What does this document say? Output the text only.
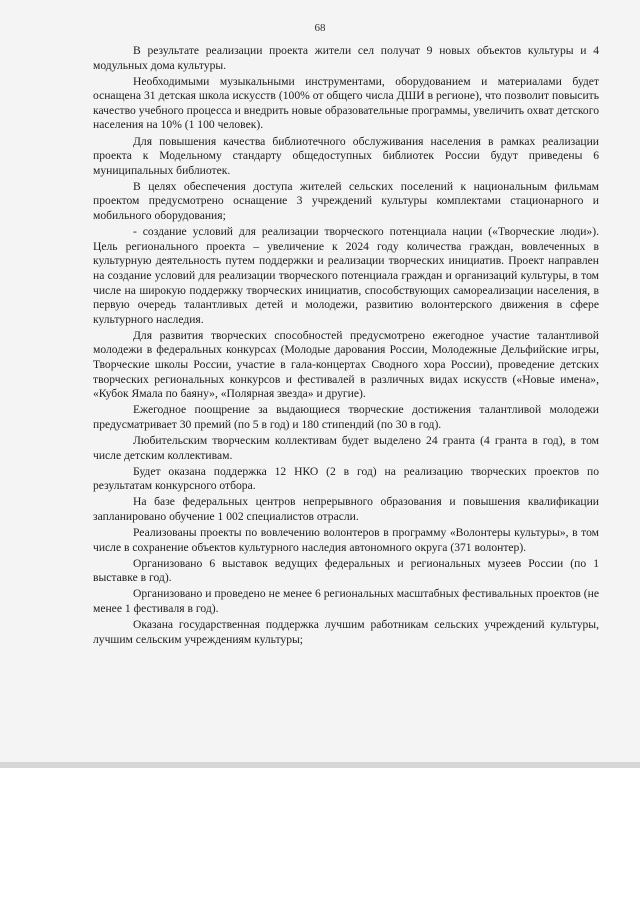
68

В результате реализации проекта жители сел получат 9 новых объектов культуры и 4 модульных дома культуры.

Необходимыми музыкальными инструментами, оборудованием и материалами будет оснащена 31 детская школа искусств (100% от общего числа ДШИ в регионе), что позволит повысить качество учебного процесса и внедрить новые образовательные программы, увеличить охват детского населения на 10% (1 100 человек).

Для повышения качества библиотечного обслуживания населения в рамках реализации проекта к Модельному стандарту общедоступных библиотек России будут приведены 6 муниципальных библиотек.

В целях обеспечения доступа жителей сельских поселений к национальным фильмам проектом предусмотрено оснащение 3 учреждений культуры комплектами стационарного и мобильного оборудования;

- создание условий для реализации творческого потенциала нации («Творческие люди»). Цель регионального проекта – увеличение к 2024 году количества граждан, вовлеченных в культурную деятельность путем поддержки и реализации творческих инициатив. Проект направлен на создание условий для реализации творческого потенциала граждан и организаций культуры, в том числе на широкую поддержку творческих инициатив, способствующих самореализации населения, в первую очередь талантливых детей и молодежи, развитию волонтерского движения в сфере культурного наследия.

Для развития творческих способностей предусмотрено ежегодное участие талантливой молодежи в федеральных конкурсах (Молодые дарования России, Молодежные Дельфийские игры, Творческие школы России, участие в гала-концертах Сводного хора России), проведение детских творческих региональных конкурсов и фестивалей в различных видах искусств («Новые имена», «Кубок Ямала по баяну», «Полярная звезда» и другие).

Ежегодное поощрение за выдающиеся творческие достижения талантливой молодежи предусматривает 30 премий (по 5 в год) и 180 стипендий (по 30 в год).

Любительским творческим коллективам будет выделено 24 гранта (4 гранта в год), в том числе детским коллективам.

Будет оказана поддержка 12 НКО (2 в год) на реализацию творческих проектов по результатам конкурсного отбора.

На базе федеральных центров непрерывного образования и повышения квалификации запланировано обучение 1 002 специалистов отрасли.

Реализованы проекты по вовлечению волонтеров в программу «Волонтеры культуры», в том числе в сохранение объектов культурного наследия автономного округа (371 волонтер).

Организовано 6 выставок ведущих федеральных и региональных музеев России (по 1 выставке в год).

Организовано и проведено не менее 6 региональных масштабных фестивальных проектов (не менее 1 фестиваля в год).

Оказана государственная поддержка лучшим работникам сельских учреждений культуры, лучшим сельским учреждениям культуры;
